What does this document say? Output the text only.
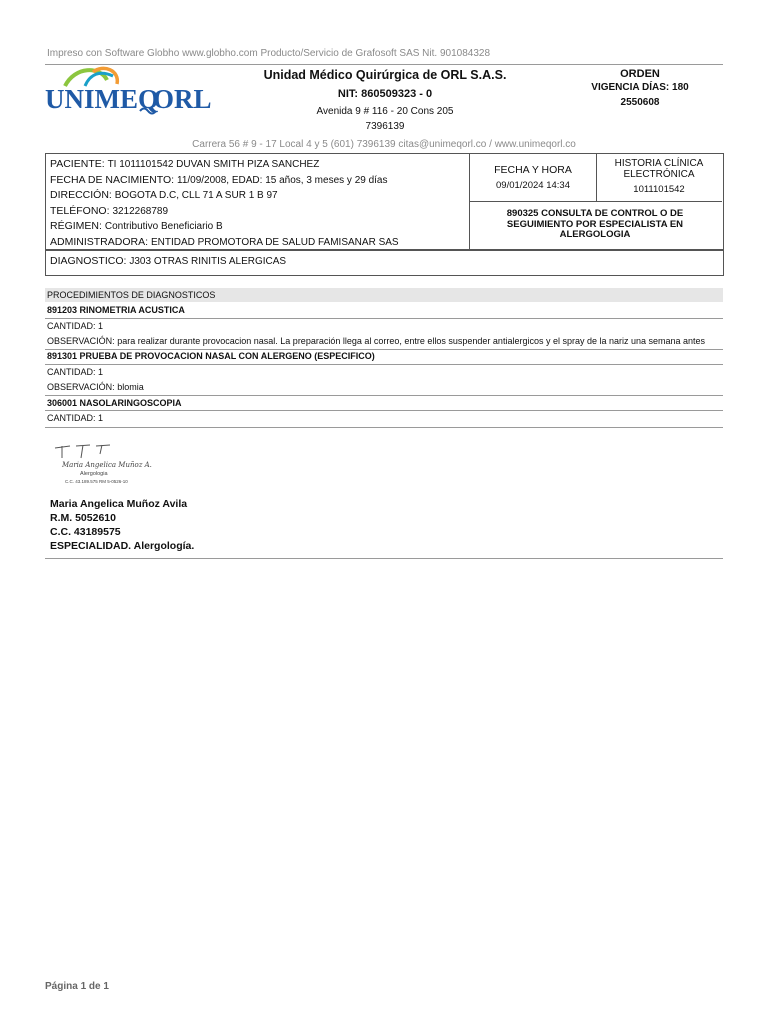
Impreso con Software Globho www.globho.com Producto/Servicio de Grafosoft SAS Nit. 901084328
UNIMEQ
ORL
Unidad Médico Quirúrgica de ORL S.A.S.
NIT: 860509323 - 0
Avenida 9 # 116 - 20 Cons 205
7396139
ORDEN
VIGENCIA DÍAS: 180
2550608
Carrera 56 # 9 - 17 Local 4 y 5 (601) 7396139 citas@unimeqorl.co / www.unimeqorl.co
PACIENTE: TI 1011101542 DUVAN SMITH PIZA SANCHEZ
FECHA DE NACIMIENTO: 11/09/2008, EDAD: 15 años, 3 meses y 29 días
DIRECCIÓN: BOGOTA D.C, CLL 71 A SUR 1 B 97
TELÉFONO: 3212268789
RÉGIMEN: Contributivo Beneficiario B
ADMINISTRADORA: ENTIDAD PROMOTORA DE SALUD FAMISANAR SAS
FECHA Y HORA
09/01/2024 14:34
HISTORIA CLÍNICA ELECTRÓNICA
1011101542
890325 CONSULTA DE CONTROL O DE SEGUIMIENTO POR ESPECIALISTA EN ALERGOLOGIA
DIAGNOSTICO: J303 OTRAS RINITIS ALERGICAS
PROCEDIMIENTOS DE DIAGNOSTICOS
891203 RINOMETRIA ACUSTICA
CANTIDAD: 1
OBSERVACIÓN: para realizar durante provocacion nasal. La preparación llega al correo, entre ellos suspender antialergicos y el spray de la nariz una semana antes
891301 PRUEBA DE PROVOCACION NASAL CON ALERGENO (ESPECIFICO)
CANTIDAD: 1
OBSERVACIÓN: blomia
306001 NASOLARINGOSCOPIA
CANTIDAD: 1
Maria Angelica Muñoz A.
Alergologia
C.C. 43.189.575 RM 5-0526-10
Maria Angelica Muñoz Avila
R.M. 5052610
C.C. 43189575
ESPECIALIDAD. Alergología.
Página 1 de 1
